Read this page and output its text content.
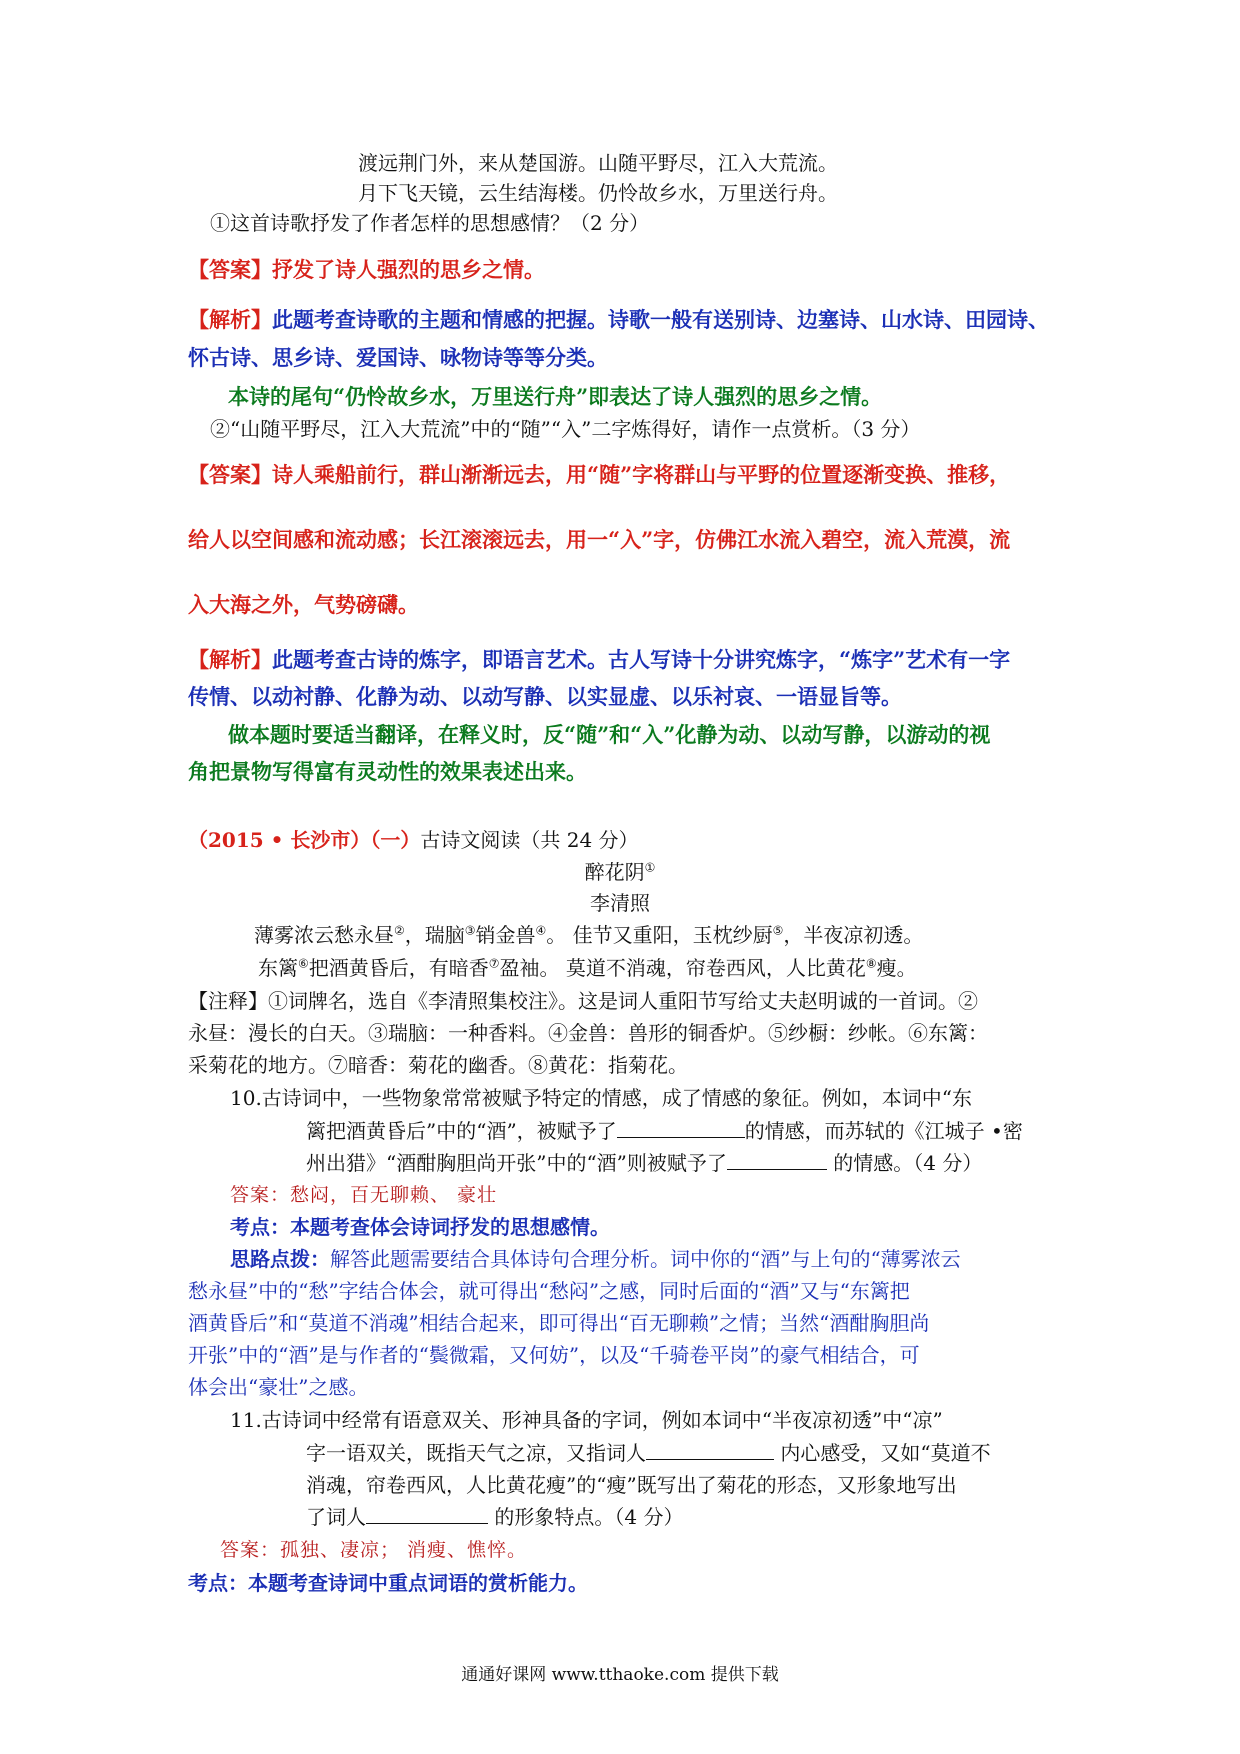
渡远荆门外，来从楚国游。山随平野尽，江入大荒流。
月下飞天镜，云生结海楼。仍怜故乡水，万里送行舟。
①这首诗歌抒发了作者怎样的思想感情？（2 分）
【答案】抒发了诗人强烈的思乡之情。
【解析】此题考查诗歌的主题和情感的把握。诗歌一般有送别诗、边塞诗、山水诗、田园诗、
怀古诗、思乡诗、爱国诗、咏物诗等等分类。
本诗的尾句“仍怜故乡水，万里送行舟”即表达了诗人强烈的思乡之情。
②“山随平野尽，江入大荒流”中的“随”“入”二字炼得好，请作一点赏析。（3 分）
【答案】诗人乘船前行，群山渐渐远去，用“随”字将群山与平野的位置逐渐变换、推移，
给人以空间感和流动感；长江滚滚远去，用一“入”字，仿佛江水流入碧空，流入荒漠，流
入大海之外，气势磅礴。
【解析】此题考查古诗的炼字，即语言艺术。古人写诗十分讲究炼字，“炼字”艺术有一字
传情、以动衬静、化静为动、以动写静、以实显虚、以乐衬哀、一语显旨等。
做本题时要适当翻译，在释义时，反“随”和“入”化静为动、以动写静，以游动的视
角把景物写得富有灵动性的效果表述出来。
（2015 • 长沙市）（一）古诗文阅读（共 24 分）
醉花阴①
李清照
薄雾浓云愁永昼②，瑞脑③销金兽④。 佳节又重阳，玉枕纱厨⑤，半夜凉初透。
东篱⑥把酒黄昏后，有暗香⑦盈袖。 莫道不消魂，帘卷西风，人比黄花⑧瘦。
【注释】①词牌名，选自《李清照集校注》。这是词人重阳节写给丈夫赵明诚的一首词。②
永昼：漫长的白天。③瑞脑：一种香料。④金兽：兽形的铜香炉。⑤纱橱：纱帐。⑥东篱：
采菊花的地方。⑦暗香：菊花的幽香。⑧黄花：指菊花。
10.古诗词中，一些物象常常被赋予特定的情感，成了情感的象征。例如，本词中“东
篱把酒黄昏后”中的“酒”，被赋予了	的情感，而苏轼的《江城子 •密
州出猎》“酒酣胸胆尚开张”中的“酒”则被赋予了	的情感。（4 分）
答案：愁闷，百无聊赖、 豪壮
考点：本题考查体会诗词抒发的思想感情。
思路点拨：解答此题需要结合具体诗句合理分析。词中你的“酒”与上句的“薄雾浓云
愁永昼”中的“愁”字结合体会，就可得出“愁闷”之感，同时后面的“酒”又与“东篱把
酒黄昏后”和“莫道不消魂”相结合起来，即可得出“百无聊赖”之情；当然“酒酣胸胆尚
开张”中的“酒”是与作者的“鬓微霜，又何妨”，以及“千骑卷平岗”的豪气相结合，可
体会出“豪壮”之感。
11.古诗词中经常有语意双关、形神具备的字词，例如本词中“半夜凉初透”中“凉”
字一语双关，既指天气之凉，又指词人	内心感受，又如“莫道不
消魂，帘卷西风，人比黄花瘦”的“瘦”既写出了菊花的形态，又形象地写出
了词人	的形象特点。（4 分）
答案：孤独、凄凉； 消瘦、憔悴。
考点：本题考查诗词中重点词语的赏析能力。
通通好课网 www.tthaoke.com 提供下载
